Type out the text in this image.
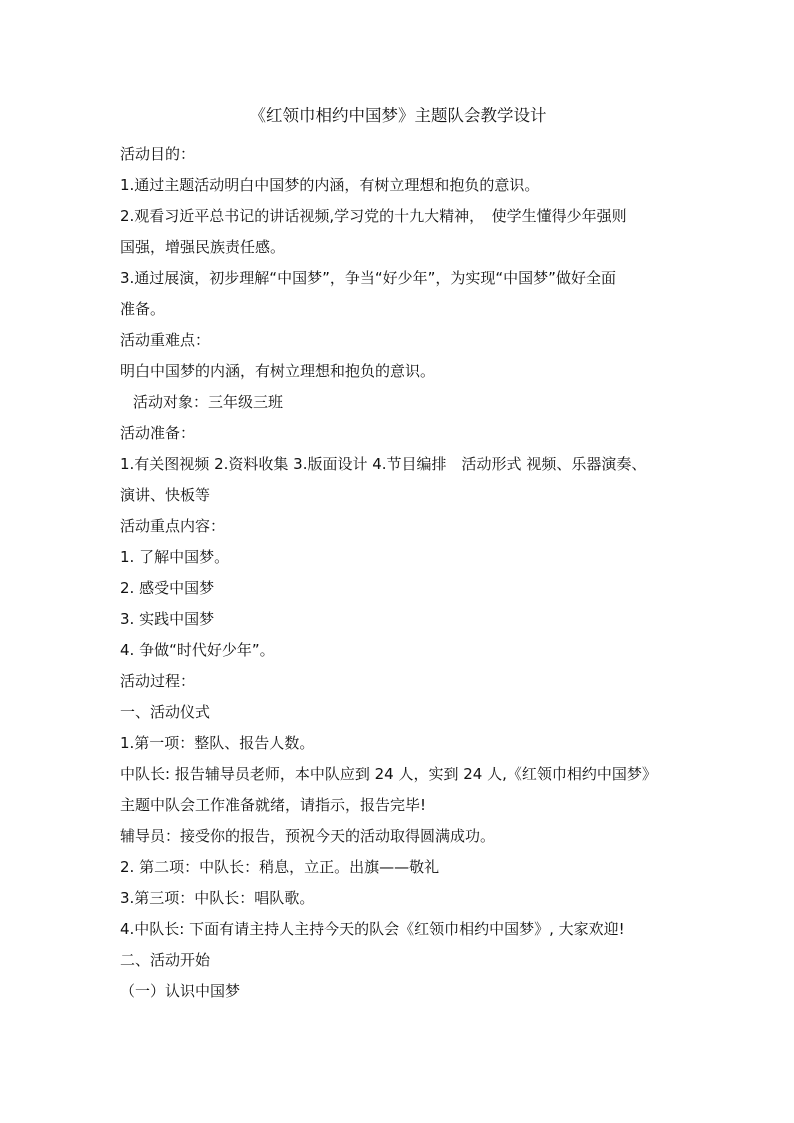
《红领巾相约中国梦》主题队会教学设计
活动目的：
1.通过主题活动明白中国梦的内涵，有树立理想和抱负的意识。
2.观看习近平总书记的讲话视频,学习党的十九大精神，　使学生懂得少年强则
国强，增强民族责任感。
3.通过展演，初步理解“中国梦”，争当“好少年”，为实现“中国梦”做好全面
准备。
活动重难点：
明白中国梦的内涵，有树立理想和抱负的意识。
活动对象：三年级三班
活动准备：
1.有关图视频 2.资料收集 3.版面设计 4.节目编排　活动形式 视频、乐器演奏、
演讲、快板等
活动重点内容：
1. 了解中国梦。
2. 感受中国梦
3. 实践中国梦
4. 争做“时代好少年”。
活动过程：
一、活动仪式
1.第一项：整队、报告人数。
中队长: 报告辅导员老师，本中队应到 24 人，实到 24 人,《红领巾相约中国梦》
主题中队会工作准备就绪，请指示，报告完毕!
辅导员：接受你的报告，预祝今天的活动取得圆满成功。
2. 第二项：中队长：稍息，立正。出旗——敬礼
3.第三项：中队长：唱队歌。
4.中队长: 下面有请主持人主持今天的队会《红领巾相约中国梦》, 大家欢迎!
二、活动开始
（一）认识中国梦
